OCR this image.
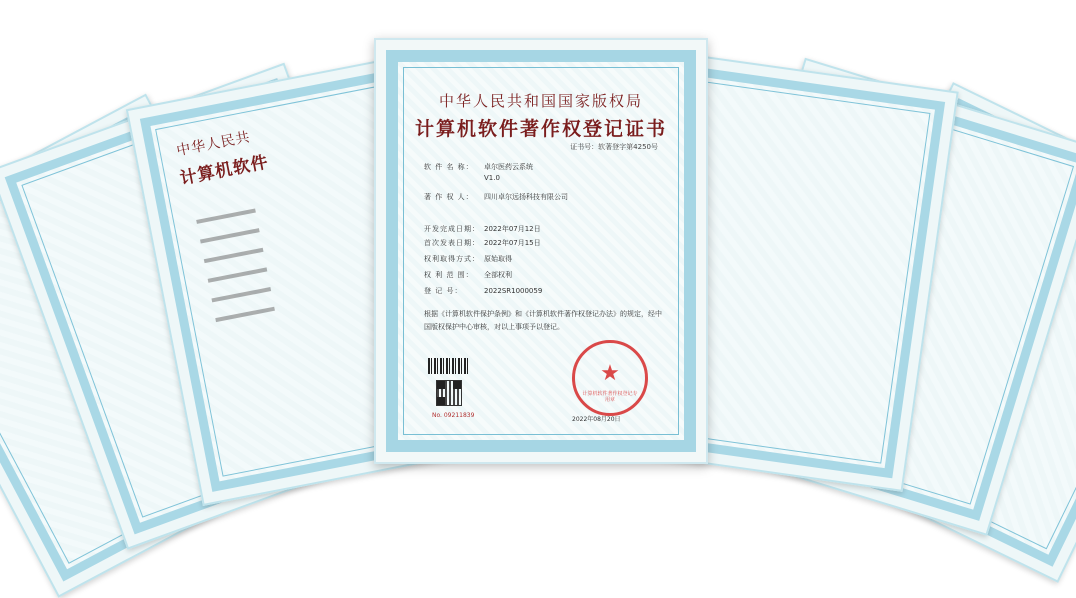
中华人民共
计算机软件
中华人民共和国国家版权局
计算机软件著作权登记证书
证书号：软著登字第4250号
软 件 名 称： 卓尔医药云系统
V1.0
著 作 权 人： 四川卓尔远扬科技有限公司
开发完成日期： 2022年07月12日
首次发表日期： 2022年07月15日
权利取得方式： 原始取得
权 利 范 围： 全部权利
登 记 号：	2022SR1000059
根据《计算机软件保护条例》和《计算机软件著作权登记办法》的规定，经中国版权保护中心审核，对以上事项予以登记。
No. 09211839
★
计算机软件著作权登记专用章
2022年08月20日
